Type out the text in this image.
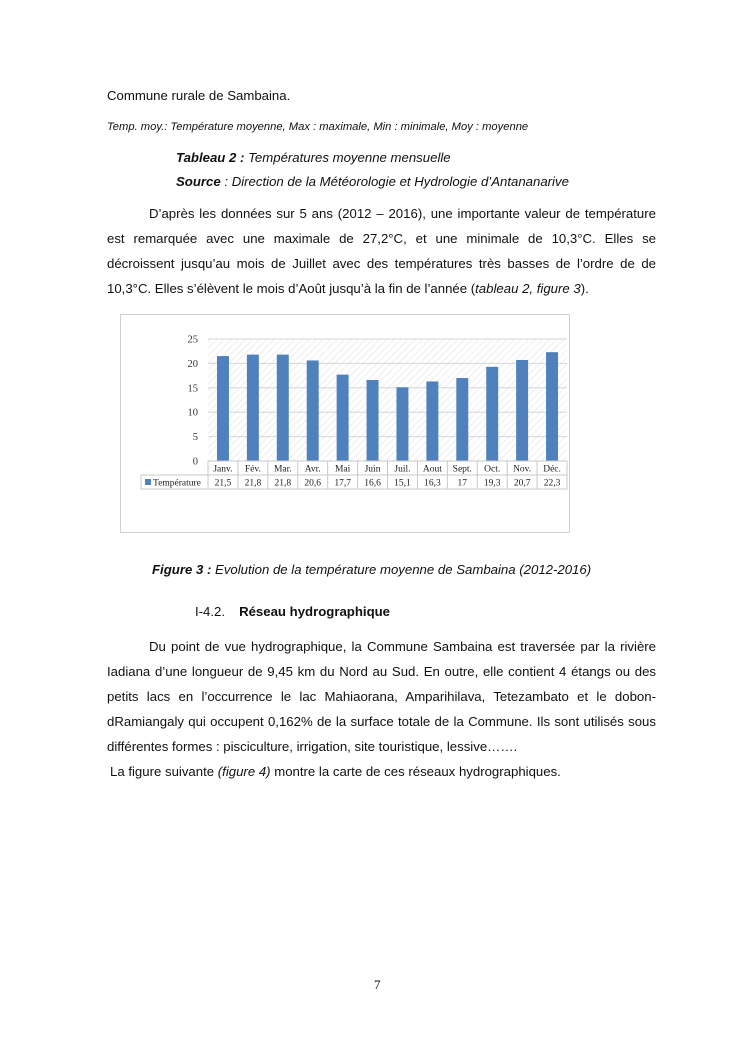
Commune rurale de Sambaina.
Temp. moy.: Température moyenne, Max : maximale, Min : minimale, Moy : moyenne
Tableau 2 : Températures moyenne mensuelle
Source : Direction de la Météorologie et Hydrologie d’Antananarive

D’après les données sur 5 ans (2012 – 2016), une importante valeur de température est remarquée avec une maximale de 27,2°C, et une minimale de 10,3°C. Elles se décroissent jusqu’au mois de Juillet avec des températures très basses de l’ordre de de 10,3°C. Elles s’élèvent le mois d’Août jusqu’à la fin de l’année (tableau 2, figure 3).

0
5
10
15
20
25
Janv.
21,5
Fév.
21,8
Mar.
21,8
Avr.
20,6
Mai
17,7
Juin
16,6
Juil.
15,1
Aout
16,3
Sept.
17
Oct.
19,3
Nov.
20,7
Déc.
22,3
Température
Figure 3 : Evolution de la température moyenne de Sambaina (2012-2016)
I-4.2. Réseau hydrographique

Du point de vue hydrographique, la Commune Sambaina est traversée par la rivière Iadiana d’une longueur de 9,45 km du Nord au Sud. En outre, elle contient 4 étangs ou des petits lacs en l’occurrence le lac Mahiaorana, Amparihilava, Tetezambato et le dobon-dRamiangaly qui occupent 0,162% de la surface totale de la Commune. Ils sont utilisés sous différentes formes : pisciculture, irrigation, site touristique, lessive…….

La figure suivante (figure 4) montre la carte de ces réseaux hydrographiques.
7
